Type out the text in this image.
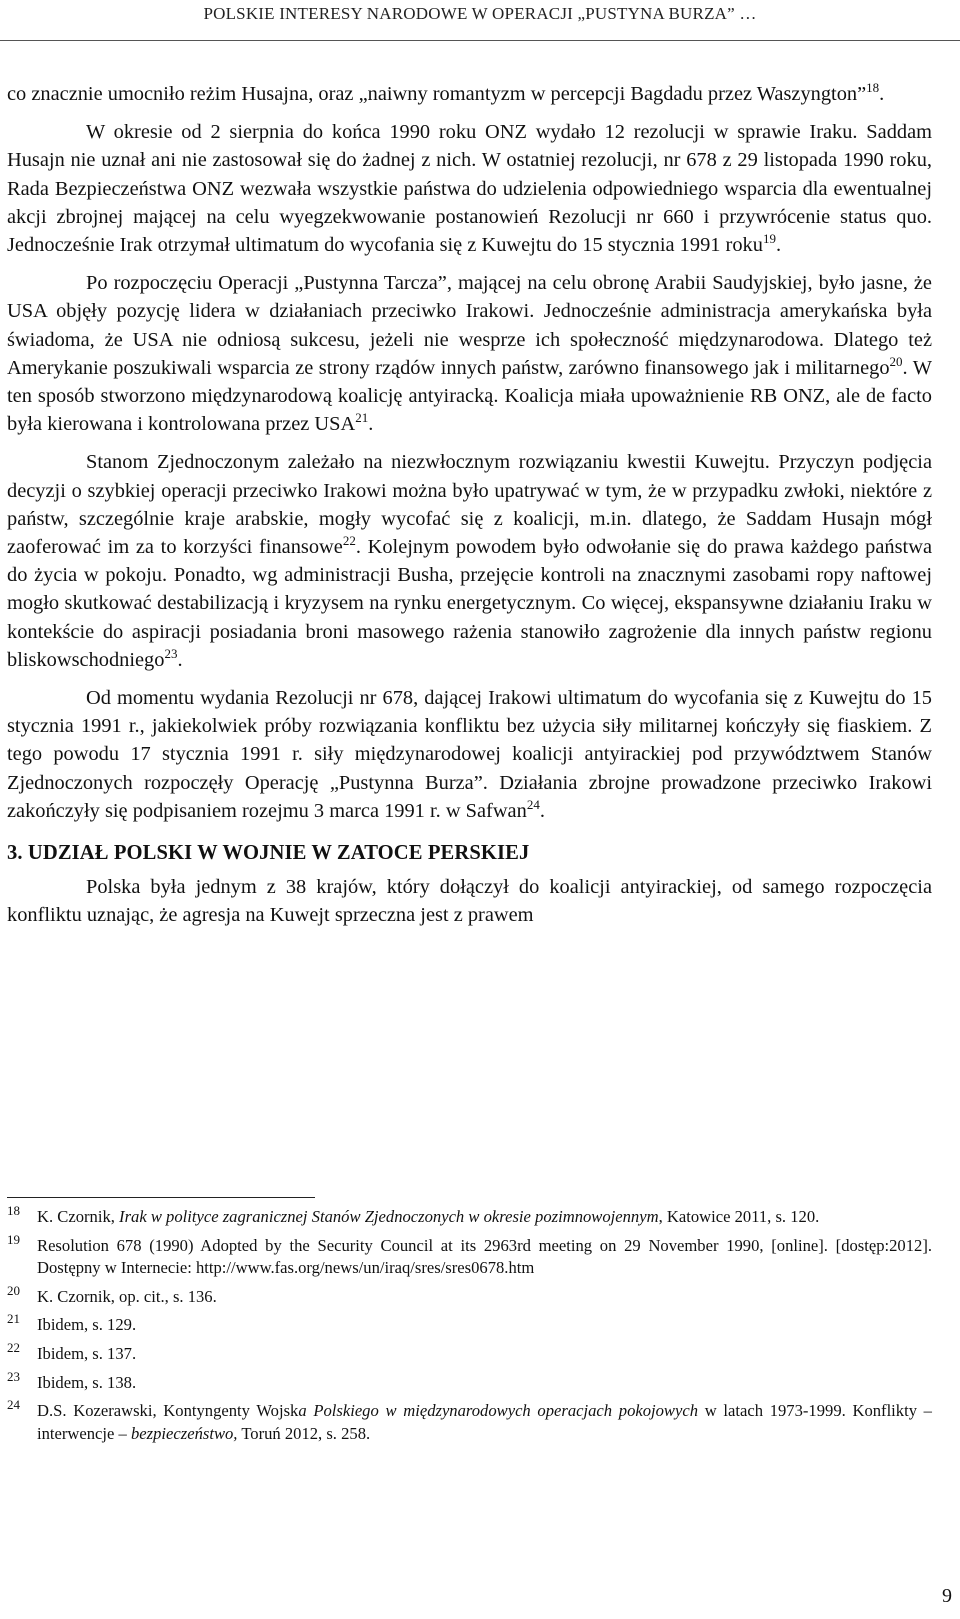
POLSKIE INTERESY NARODOWE W OPERACJI „PUSTYNA BURZA” …

co znacznie umocniło reżim Husajna, oraz „naiwny romantyzm w percepcji Bagdadu przez Waszyngton”$^{18}$.

W okresie od 2 sierpnia do końca 1990 roku ONZ wydało 12 rezolucji w sprawie Iraku. Saddam Husajn nie uznał ani nie zastosował się do żadnej z nich. W ostatniej rezolucji, nr 678 z 29 listopada 1990 roku, Rada Bezpieczeństwa ONZ wezwała wszystkie państwa do udzielenia odpowiedniego wsparcia dla ewentualnej akcji zbrojnej mającej na celu wyegzekwowanie postanowień Rezolucji nr 660 i przywrócenie status quo. Jednocześnie Irak otrzymał ultimatum do wycofania się z Kuwejtu do 15 stycznia 1991 roku$^{19}$.

Po rozpoczęciu Operacji „Pustynna Tarcza”, mającej na celu obronę Arabii Saudyjskiej, było jasne, że USA objęły pozycję lidera w działaniach przeciwko Irakowi. Jednocześnie administracja amerykańska była świadoma, że USA nie odniosą sukcesu, jeżeli nie wesprze ich społeczność międzynarodowa. Dlatego też Amerykanie poszukiwali wsparcia ze strony rządów innych państw, zarówno finansowego jak i militarnego$^{20}$. W ten sposób stworzono międzynarodową koalicję antyiracką. Koalicja miała upoważnienie RB ONZ, ale de facto była kierowana i kontrolowana przez USA$^{21}$.

Stanom Zjednoczonym zależało na niezwłocznym rozwiązaniu kwestii Kuwejtu. Przyczyn podjęcia decyzji o szybkiej operacji przeciwko Irakowi można było upatrywać w tym, że w przypadku zwłoki, niektóre z państw, szczególnie kraje arabskie, mogły wycofać się z koalicji, m.in. dlatego, że Saddam Husajn mógł zaoferować im za to korzyści finansowe$^{22}$. Kolejnym powodem było odwołanie się do prawa każdego państwa do życia w pokoju. Ponadto, wg administracji Busha, przejęcie kontroli na znacznymi zasobami ropy naftowej mogło skutkować destabilizacją i kryzysem na rynku energetycznym. Co więcej, ekspansywne działaniu Iraku w kontekście do aspiracji posiadania broni masowego rażenia stanowiło zagrożenie dla innych państw regionu bliskowschodniego$^{23}$.

Od momentu wydania Rezolucji nr 678, dającej Irakowi ultimatum do wycofania się z Kuwejtu do 15 stycznia 1991 r., jakiekolwiek próby rozwiązania konfliktu bez użycia siły militarnej kończyły się fiaskiem. Z tego powodu 17 stycznia 1991 r. siły międzynarodowej koalicji antyirackiej pod przywództwem Stanów Zjednoczonych rozpoczęły Operację „Pustynna Burza”. Działania zbrojne prowadzone przeciwko Irakowi zakończyły się podpisaniem rozejmu 3 marca 1991 r. w Safwan$^{24}$.

3. UDZIAŁ POLSKI W WOJNIE W ZATOCE PERSKIEJ

Polska była jednym z 38 krajów, który dołączył do koalicji antyirackiej, od samego rozpoczęcia konfliktu uznając, że agresja na Kuwejt sprzeczna jest z prawem

18 K. Czornik, Irak w polityce zagranicznej Stanów Zjednoczonych w okresie pozimnowojennym, Katowice 2011, s. 120.
19 Resolution 678 (1990) Adopted by the Security Council at its 2963rd meeting on 29 November 1990, [online]. [dostęp:2012]. Dostępny w Internecie: http://www.fas.org/news/un/iraq/sres/sres0678.htm
20 K. Czornik, op. cit., s. 136.
21 Ibidem, s. 129.
22 Ibidem, s. 137.
23 Ibidem, s. 138.
24 D.S. Kozerawski, Kontyngenty Wojska Polskiego w międzynarodowych operacjach pokojowych w latach 1973-1999. Konflikty – interwencje – bezpieczeństwo, Toruń 2012, s. 258.
9
